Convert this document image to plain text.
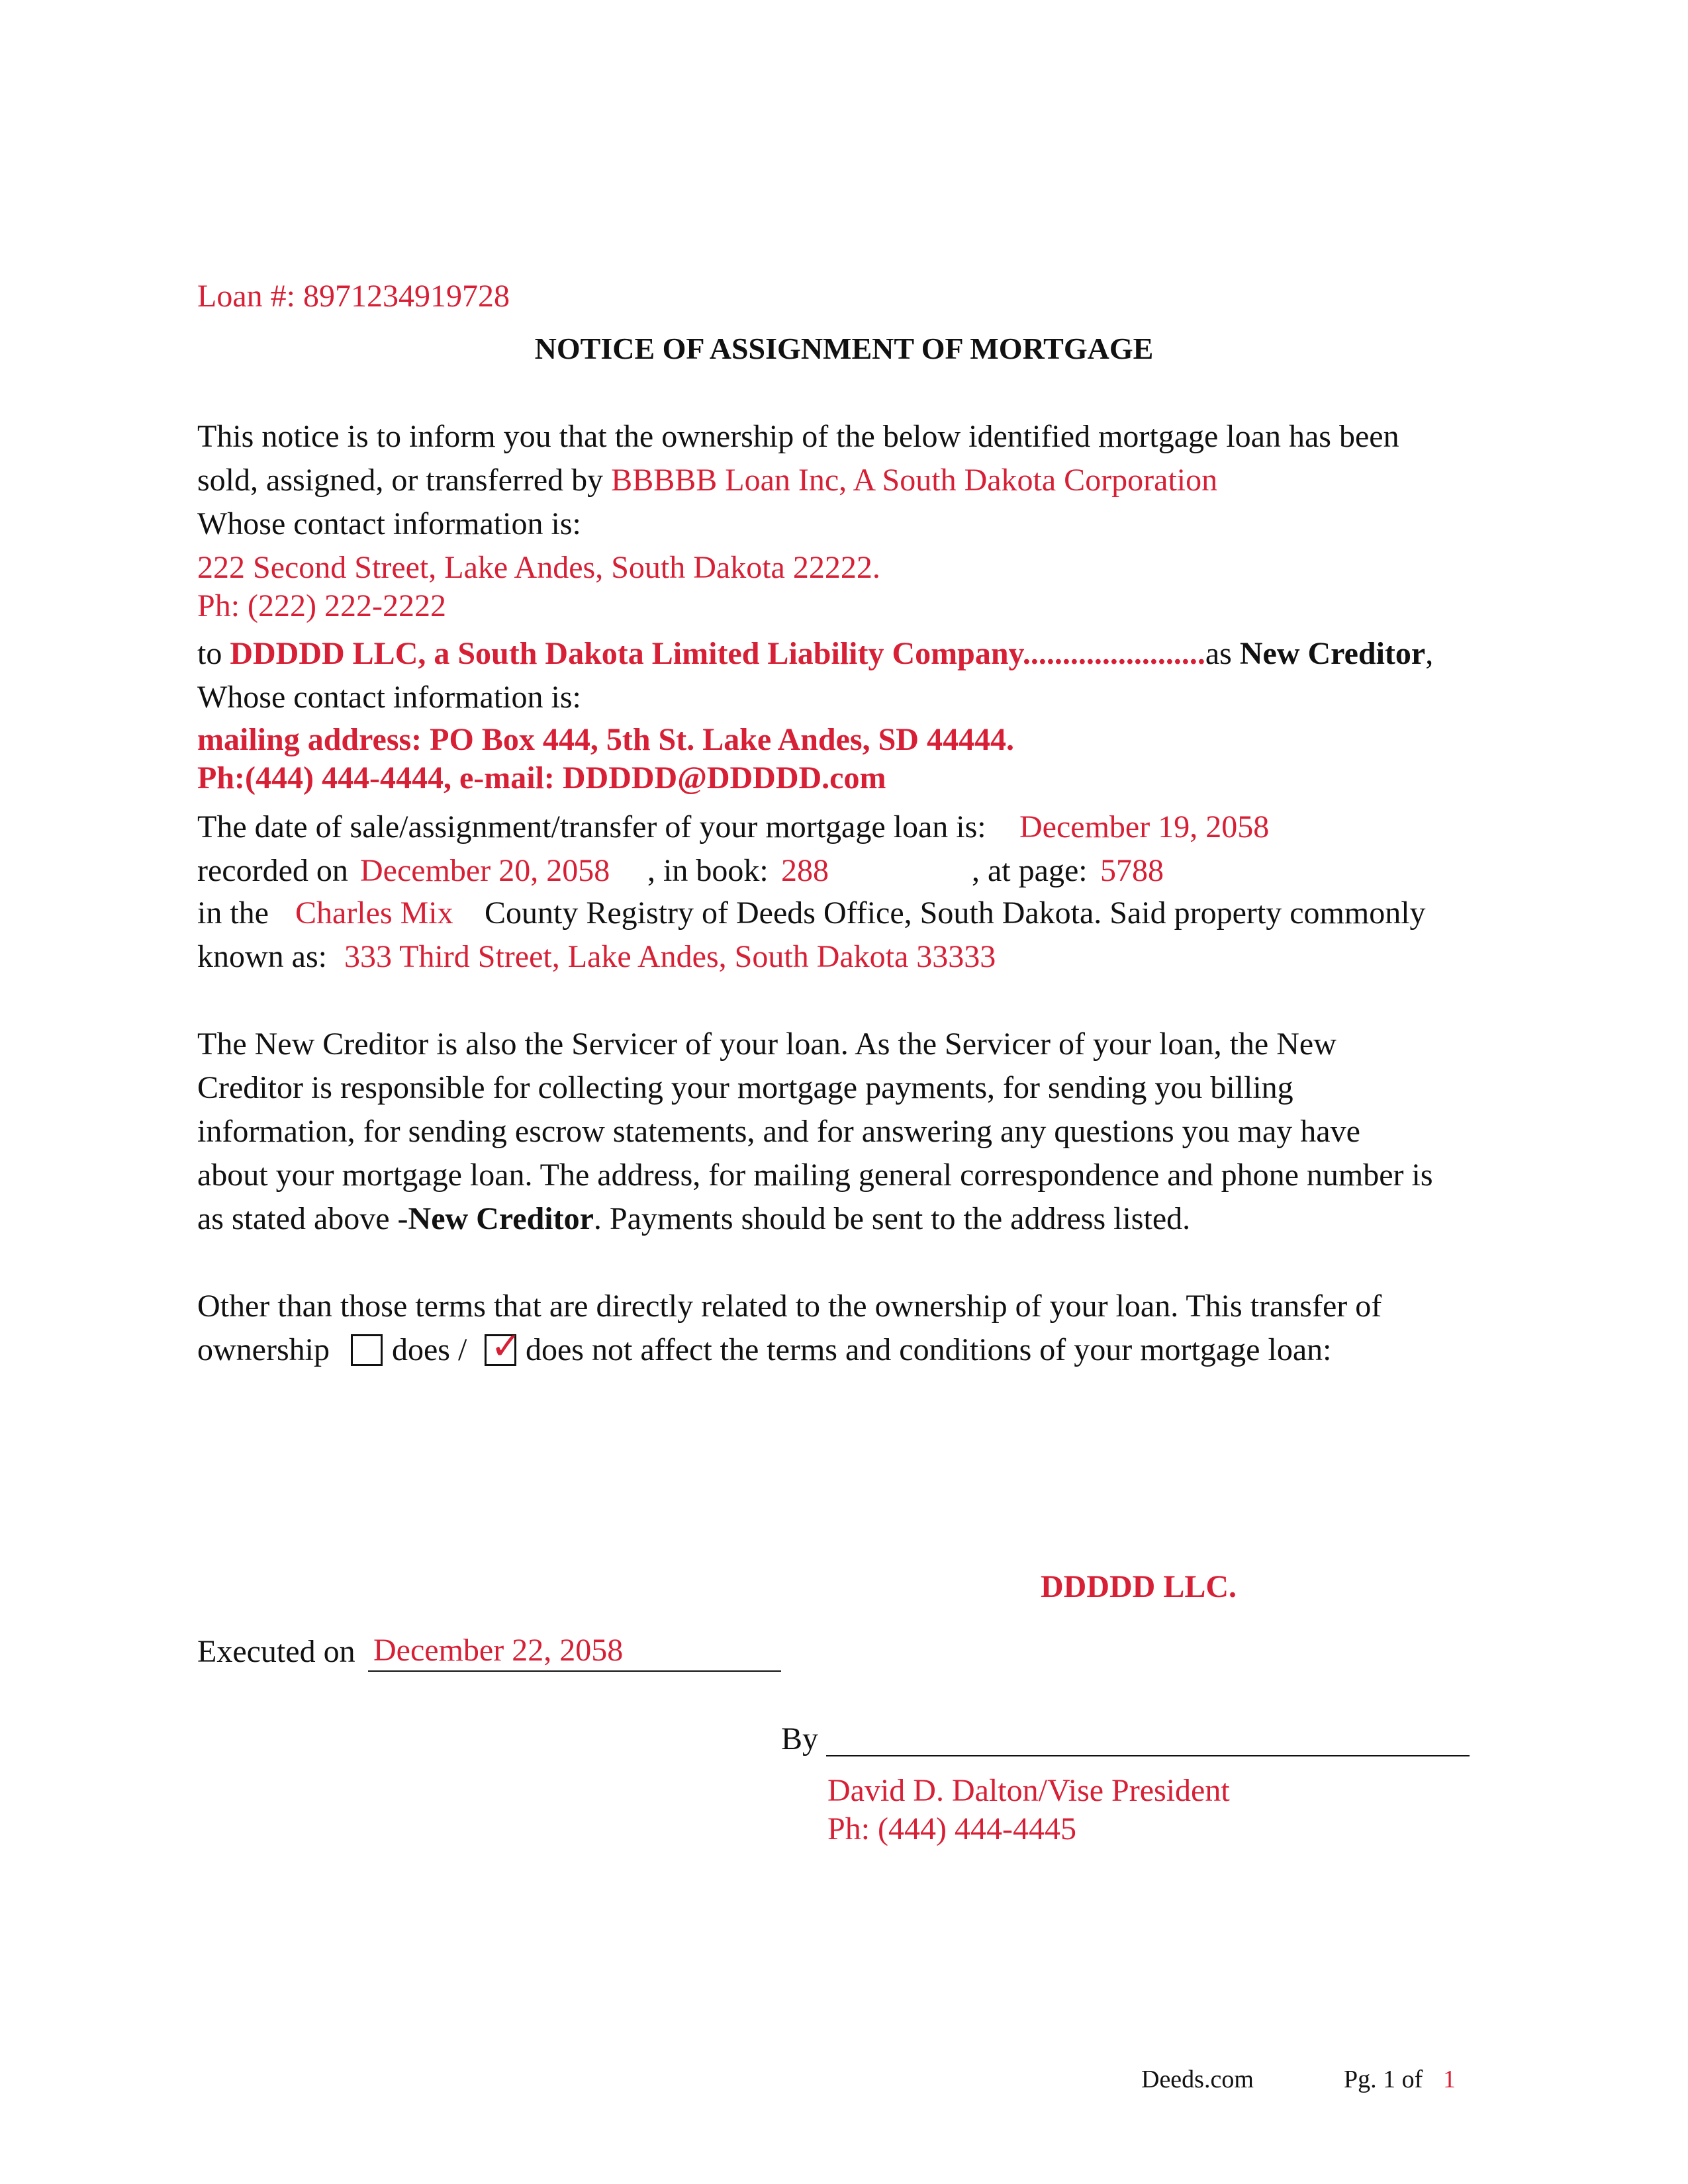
Loan #: 8971234919728
NOTICE OF ASSIGNMENT OF MORTGAGE
This notice is to inform you that the ownership of the below identified mortgage loan has been
sold, assigned, or transferred by BBBBB Loan Inc, A South Dakota Corporation
Whose contact information is:
222 Second Street, Lake Andes, South Dakota 22222.
Ph: (222) 222-2222
to DDDDD LLC, a South Dakota Limited Liability Company.......................as New Creditor,
Whose contact information is:
mailing address: PO Box 444, 5th St. Lake Andes, SD 44444.
Ph:(444) 444-4444, e-mail: DDDDD@DDDDD.com
The date of sale/assignment/transfer of your mortgage loan is: December 19, 2058
recorded on December 20, 2058 , in book: 288	, at page: 5788
in the Charles Mix County Registry of Deeds Office, South Dakota. Said property commonly
known as: 333 Third Street, Lake Andes, South Dakota 33333
The New Creditor is also the Servicer of your loan. As the Servicer of your loan, the New
Creditor is responsible for collecting your mortgage payments, for sending you billing
information, for sending escrow statements, and for answering any questions you may have
about your mortgage loan. The address, for mailing general correspondence and phone number is
as stated above -New Creditor. Payments should be sent to the address listed.
Other than those terms that are directly related to the ownership of your loan. This transfer of
ownership does / ✓ does not affect the terms and conditions of your mortgage loan:
DDDDD LLC.
Executed on December 22, 2058
By
David D. Dalton/Vise President
Ph: (444) 444-4445
Deeds.com	Pg. 1 of 1
